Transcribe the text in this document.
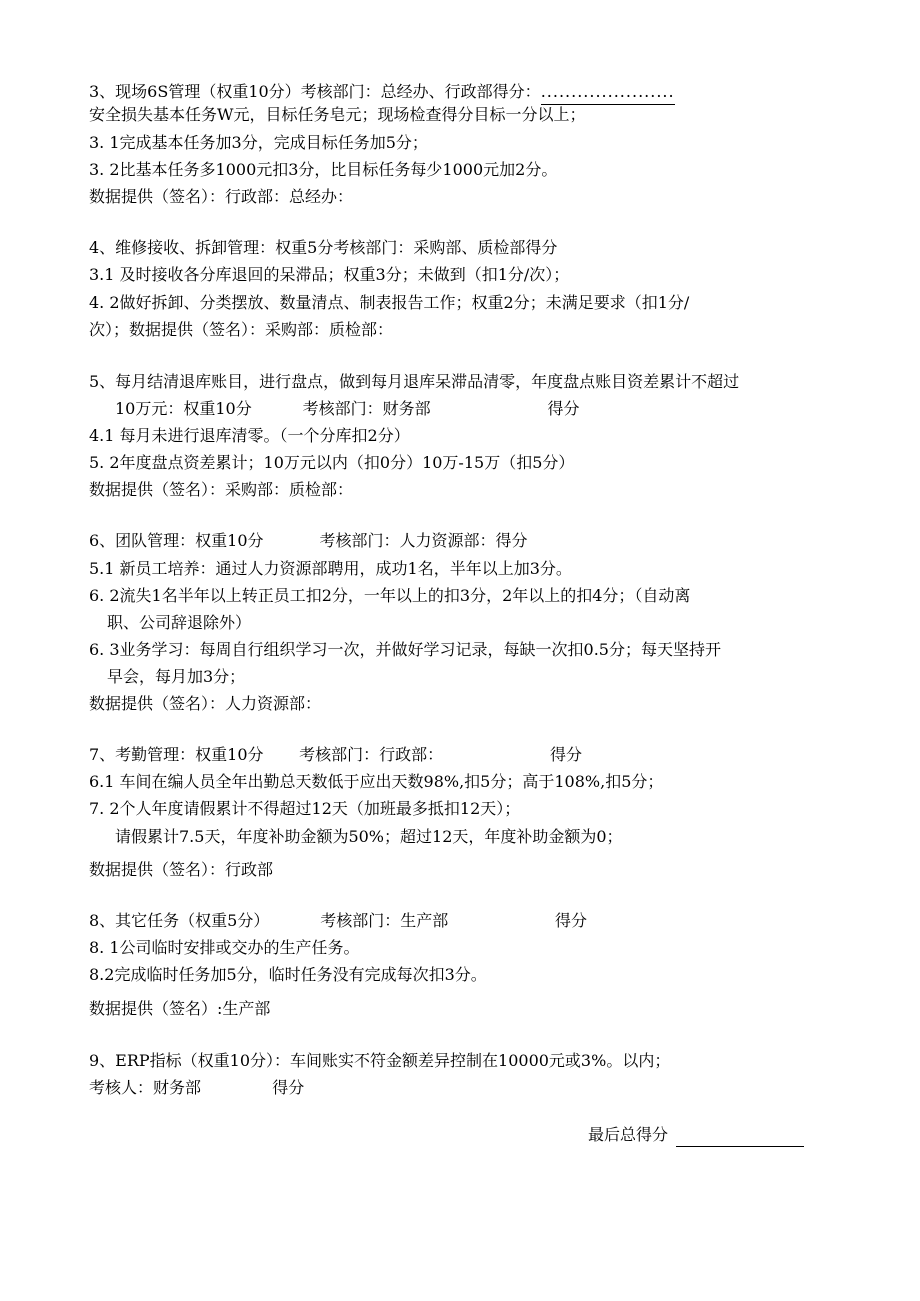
3、现场6S管理（权重10分）考核部门：总经办、行政部得分：......................
安全损失基本任务W元，目标任务皂元；现场检查得分目标一分以上；
3. 1完成基本任务加3分，完成目标任务加5分；
3. 2比基本任务多1000元扣3分，比目标任务每少1000元加2分。
数据提供（签名）：行政部：总经办：
4、维修接收、拆卸管理：权重5分考核部门：采购部、质检部得分
3.1 及时接收各分库退回的呆滞品；权重3分；未做到（扣1分/次）；
4. 2做好拆卸、分类摆放、数量清点、制表报告工作；权重2分；未满足要求（扣1分/
次）；数据提供（签名）：采购部：质检部：
5、每月结清退库账目，进行盘点，做到每月退库呆滞品清零，年度盘点账目资差累计不超过
10万元：权重10分          考核部门：财务部                       得分
4.1 每月未进行退库清零。（一个分库扣2分）
5. 2年度盘点资差累计；10万元以内（扣0分）10万-15万（扣5分）
数据提供（签名）：采购部：质检部：
6、团队管理：权重10分           考核部门：人力资源部：得分
5.1 新员工培养：通过人力资源部聘用，成功1名，半年以上加3分。
6. 2流失1名半年以上转正员工扣2分，一年以上的扣3分，2年以上的扣4分；（自动离
职、公司辞退除外）
6. 3业务学习：每周自行组织学习一次，并做好学习记录，每缺一次扣0.5分；每天坚持开
早会，每月加3分；
数据提供（签名）：人力资源部：
7、考勤管理：权重10分       考核部门：行政部：                     得分
6.1 车间在编人员全年出勤总天数低于应出天数98%,扣5分；高于108%,扣5分；
7. 2个人年度请假累计不得超过12天（加班最多抵扣12天）；
请假累计7.5天，年度补助金额为50%；超过12天，年度补助金额为0；
数据提供（签名）：行政部
8、其它任务（权重5分）          考核部门：生产部                     得分
8. 1公司临时安排或交办的生产任务。
8.2完成临时任务加5分，临时任务没有完成每次扣3分。
数据提供（签名）:生产部
9、ERP指标（权重10分）：车间账实不符金额差异控制在10000元或3%。以内；
考核人：财务部              得分
最后总得分
